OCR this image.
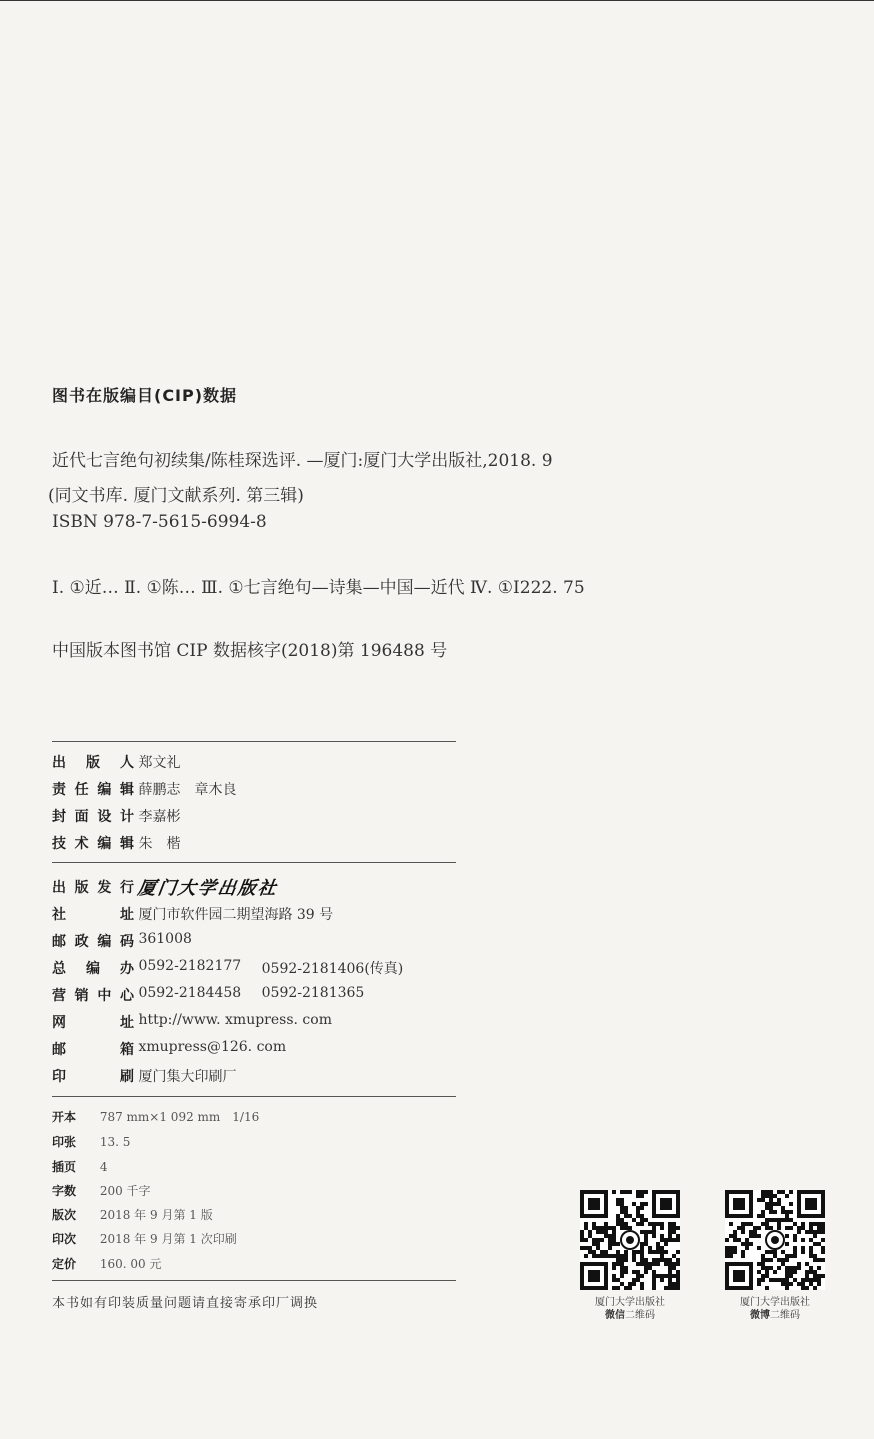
图书在版编目(CIP)数据
近代七言绝句初续集/陈桂琛选评. —厦门:厦门大学出版社,2018. 9
(同文书库. 厦门文献系列. 第三辑)
ISBN 978-7-5615-6994-8
Ⅰ. ①近… Ⅱ. ①陈… Ⅲ. ①七言绝句—诗集—中国—近代 Ⅳ. ①I222. 75
中国版本图书馆 CIP 数据核字(2018)第 196488 号
出版人 郑文礼
责任编辑 薛鹏志　章木良
封面设计 李嘉彬
技术编辑 朱　楷
出版发行 厦门大学出版社
社址 厦门市软件园二期望海路 39 号
邮政编码 361008
总编办 0592-2182177 0592-2181406(传真)
营销中心 0592-2184458 0592-2181365
网址 http://www. xmupress. com
邮箱 xmupress@126. com
印刷 厦门集大印刷厂
开本 787 mm×1 092 mm　1/16
印张 13. 5
插页 4
字数 200 千字
版次 2018 年 9 月第 1 版
印次 2018 年 9 月第 1 次印刷
定价 160. 00 元
本书如有印装质量问题请直接寄承印厂调换	厦门大学出版社
微信二维码
厦门大学出版社
微博二维码
